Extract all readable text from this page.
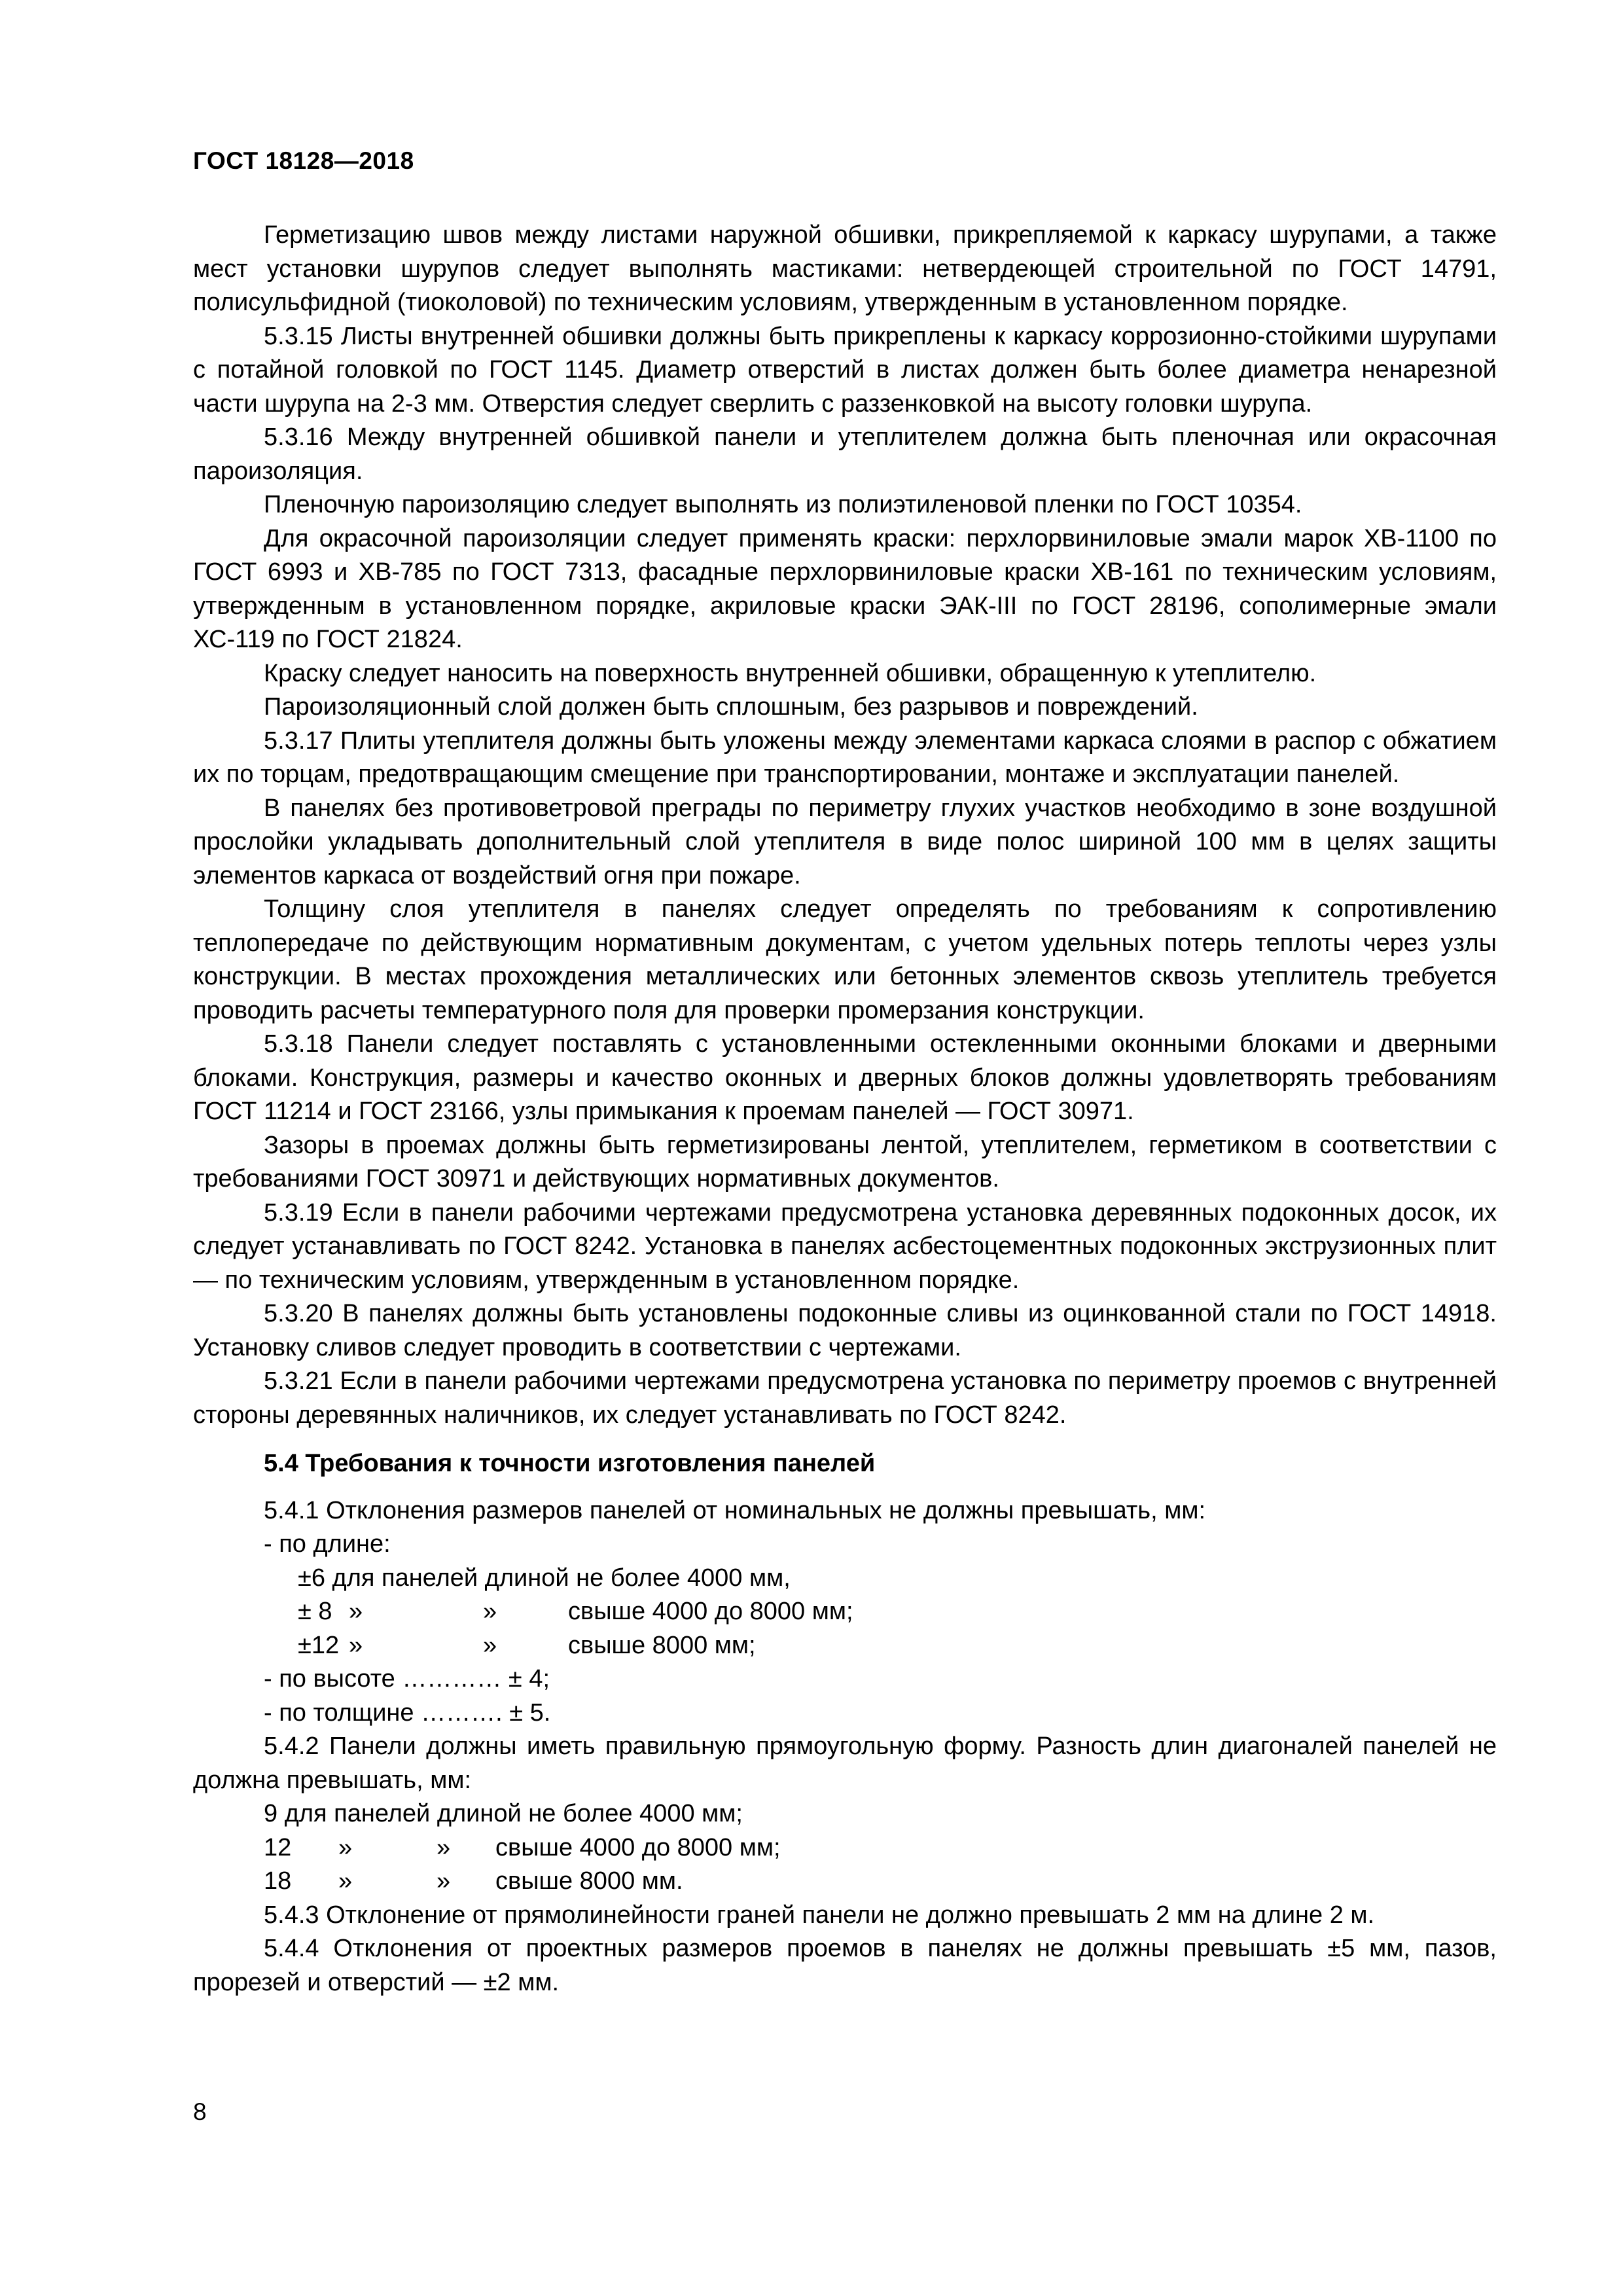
ГОСТ 18128—2018

Герметизацию швов между листами наружной обшивки, прикрепляемой к каркасу шурупами, а также мест установки шурупов следует выполнять мастиками: нетвердеющей строительной по ГОСТ 14791, полисульфидной (тиоколовой) по техническим условиям, утвержденным в установленном порядке.

5.3.15 Листы внутренней обшивки должны быть прикреплены к каркасу коррозионно-стойкими шурупами с потайной головкой по ГОСТ 1145. Диаметр отверстий в листах должен быть более диаметра ненарезной части шурупа на 2-3 мм. Отверстия следует сверлить с раззенковкой на высоту головки шурупа.

5.3.16 Между внутренней обшивкой панели и утеплителем должна быть пленочная или окрасочная пароизоляция.

Пленочную пароизоляцию следует выполнять из полиэтиленовой пленки по ГОСТ 10354.

Для окрасочной пароизоляции следует применять краски: перхлорвиниловые эмали марок ХВ-1100 по ГОСТ 6993 и ХВ-785 по ГОСТ 7313, фасадные перхлорвиниловые краски ХВ-161 по техническим условиям, утвержденным в установленном порядке, акриловые краски ЭАК-III по ГОСТ 28196, сополимерные эмали ХС-119 по ГОСТ 21824.

Краску следует наносить на поверхность внутренней обшивки, обращенную к утеплителю.

Пароизоляционный слой должен быть сплошным, без разрывов и повреждений.

5.3.17 Плиты утеплителя должны быть уложены между элементами каркаса слоями в распор с обжатием их по торцам, предотвращающим смещение при транспортировании, монтаже и эксплуатации панелей.

В панелях без противоветровой преграды по периметру глухих участков необходимо в зоне воздушной прослойки укладывать дополнительный слой утеплителя в виде полос шириной 100 мм в целях защиты элементов каркаса от воздействий огня при пожаре.

Толщину слоя утеплителя в панелях следует определять по требованиям к сопротивлению теплопередаче по действующим нормативным документам, с учетом удельных потерь теплоты через узлы конструкции. В местах прохождения металлических или бетонных элементов сквозь утеплитель требуется проводить расчеты температурного поля для проверки промерзания конструкции.

5.3.18 Панели следует поставлять с установленными остекленными оконными блоками и дверными блоками. Конструкция, размеры и качество оконных и дверных блоков должны удовлетворять требованиям ГОСТ 11214 и ГОСТ 23166, узлы примыкания к проемам панелей — ГОСТ 30971.

Зазоры в проемах должны быть герметизированы лентой, утеплителем, герметиком в соответствии с требованиями ГОСТ 30971 и действующих нормативных документов.

5.3.19 Если в панели рабочими чертежами предусмотрена установка деревянных подоконных досок, их следует устанавливать по ГОСТ 8242. Установка в панелях асбестоцементных подоконных экструзионных плит — по техническим условиям, утвержденным в установленном порядке.

5.3.20 В панелях должны быть установлены подоконные сливы из оцинкованной стали по ГОСТ 14918. Установку сливов следует проводить в соответствии с чертежами.

5.3.21 Если в панели рабочими чертежами предусмотрена установка по периметру проемов с внутренней стороны деревянных наличников, их следует устанавливать по ГОСТ 8242.

5.4 Требования к точности изготовления панелей

5.4.1 Отклонения размеров панелей от номинальных не должны превышать, мм:

- по длине:

±6 для панелей длиной не более 4000 мм,
± 8 »	»	свыше 4000 до 8000 мм;
±12 »	»	свыше 8000 мм;

- по высоте ………… ± 4;

- по толщине ………. ± 5.

5.4.2 Панели должны иметь правильную прямоугольную форму. Разность длин диагоналей панелей не должна превышать, мм:

9 для панелей длиной не более 4000 мм;
12	»	»	свыше 4000 до 8000 мм;
18	»	»	свыше 8000 мм.

5.4.3 Отклонение от прямолинейности граней панели не должно превышать 2 мм на длине 2 м.

5.4.4 Отклонения от проектных размеров проемов в панелях не должны превышать ±5 мм, пазов, прорезей и отверстий — ±2 мм.

8
